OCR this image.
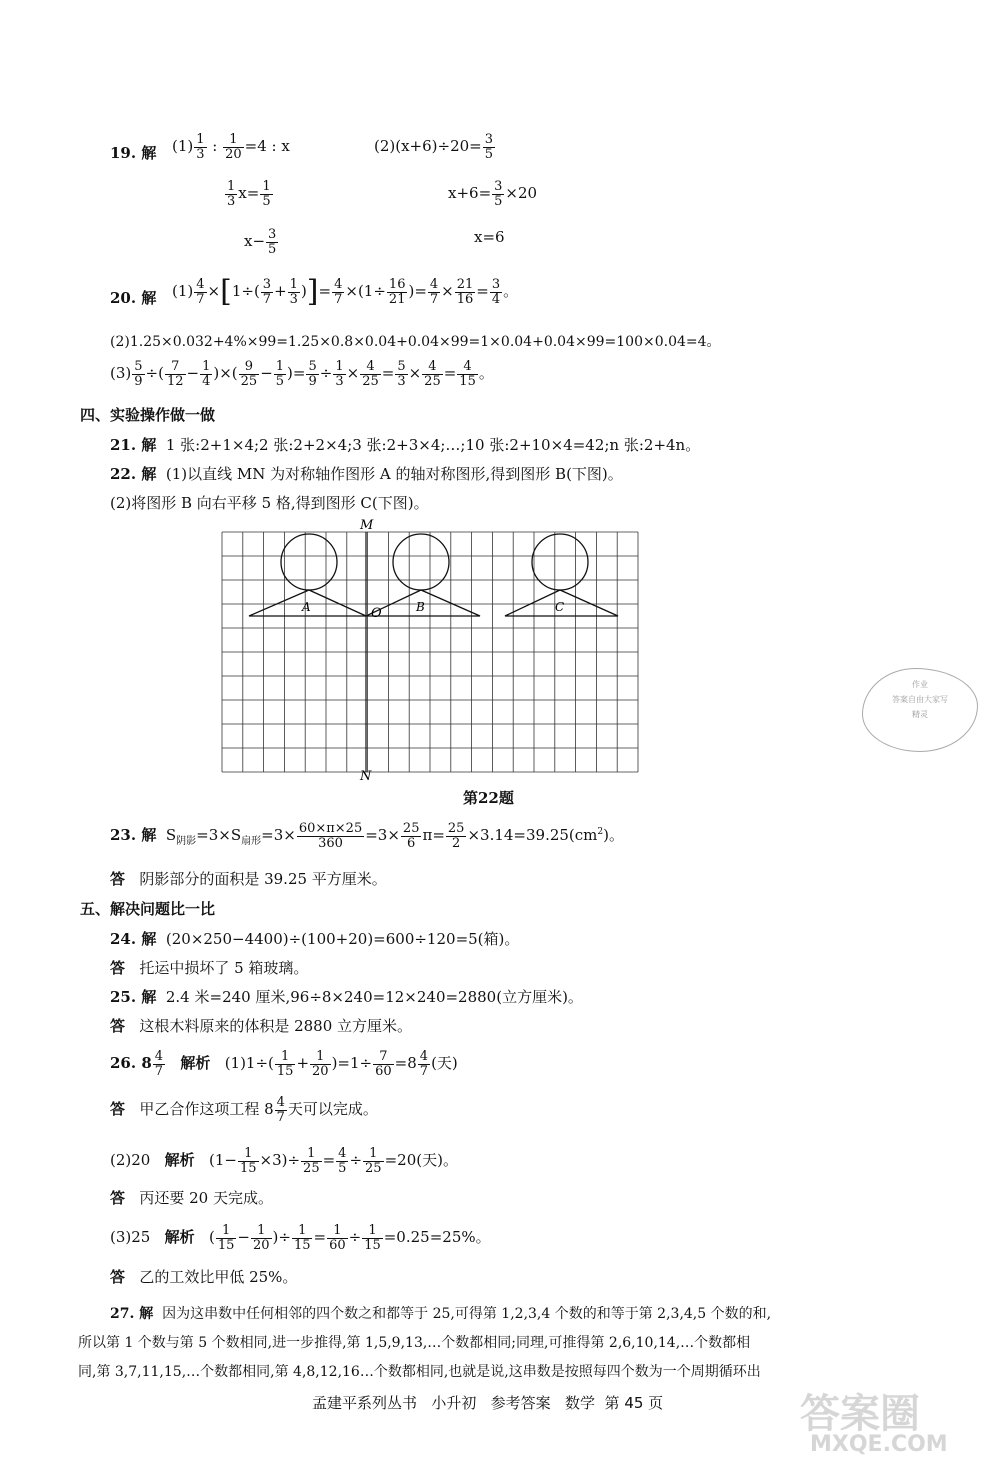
19. 解 $(1) \frac{1}{3}$ : $\frac{1}{20} =4$ : x
$\frac{1}{3} x= \frac{1}{5}$
$x- \frac{3}{5}$
$(2)(x+6)\div 20= \frac{3}{5}$
$x+6= \frac{3}{5} \times 20$
x=6
20. 解 $(1) \frac{4}{7} \times[1\div( \frac{3}{7} + \frac{1}{3}$ )]= $\frac{4}{7} \times(1\div \frac{16}{21}$ )= $\frac{4}{7} \times \frac{21}{16} = \frac{3}{4}$ 。
(2)1.25×0.032+4%×99=1.25×0.8×0.04+0.04×99=1×0.04+0.04×99=100×0.04=4。
$(3) \frac{5}{9}$ ÷( $\frac{7}{12} - \frac{1}{4}$ )×( $\frac{9}{25} - \frac{1}{5}$ )= $\frac{5}{9} \div \frac{1}{3} \times \frac{4}{25} = \frac{5}{3} \times \frac{4}{25} = \frac{4}{15}$ 。
四、实验操作做一做
21. 解 1 张:2+1×4;2 张:2+2×4;3 张:2+3×4;…;10 张:2+10×4=42;n 张:2+4n。
22. 解 (1)以直线 MN 为对称轴作图形 A 的轴对称图形,得到图形 B(下图)。
(2)将图形 B 向右平移 5 格,得到图形 C(下图)。
M
N
O
A	B	C
第22题
作业
答案自由大家写
精灵
23. 解 $S_{阴影}=3\times S_{扇形}=3\times \frac{60\times\pi\times 25}{360} =3\times \frac{25}{6} \pi= \frac{25}{2} \times 3.14=39.25(cm^2)$。
答 阴影部分的面积是 39.25 平方厘米。
五、解决问题比一比
24. 解 (20×250−4400)÷(100+20)=600÷120=5(箱)。
答 托运中损坏了 5 箱玻璃。
25. 解 2.4 米=240 厘米,96÷8×240=12×240=2880(立方厘米)。
答 这根木料原来的体积是 2880 立方厘米。
26. $8 \frac{4}{7}$ 解析 $(1)1\div( \frac{1}{15} + \frac{1}{20} )=1\div \frac{7}{60} =8 \frac{4}{7}$ (天)
答 甲乙合作这项工程 $8 \frac{4}{7}$ 天可以完成。
(2)20 解析 $(1- \frac{1}{15} \times 3)\div \frac{1}{25} = \frac{4}{5} \div \frac{1}{25} =20$(天)。
答 丙还要 20 天完成。
(3)25 解析 ( $\frac{1}{15} - \frac{1}{20}$ )÷ $\frac{1}{15} = \frac{1}{60} \div \frac{1}{15} =0.25=25\%$。
答 乙的工效比甲低 25%。
27. 解 因为这串数中任何相邻的四个数之和都等于 25,可得第 1,2,3,4 个数的和等于第 2,3,4,5 个数的和,
所以第 1 个数与第 5 个数相同,进一步推得,第 1,5,9,13,…个数都相同;同理,可推得第 2,6,10,14,…个数都相
同,第 3,7,11,15,…个数都相同,第 4,8,12,16…个数都相同,也就是说,这串数是按照每四个数为一个周期循环出
孟建平系列丛书 小升初 参考答案 数学 第 45 页	答案圈
MXQE.COM
